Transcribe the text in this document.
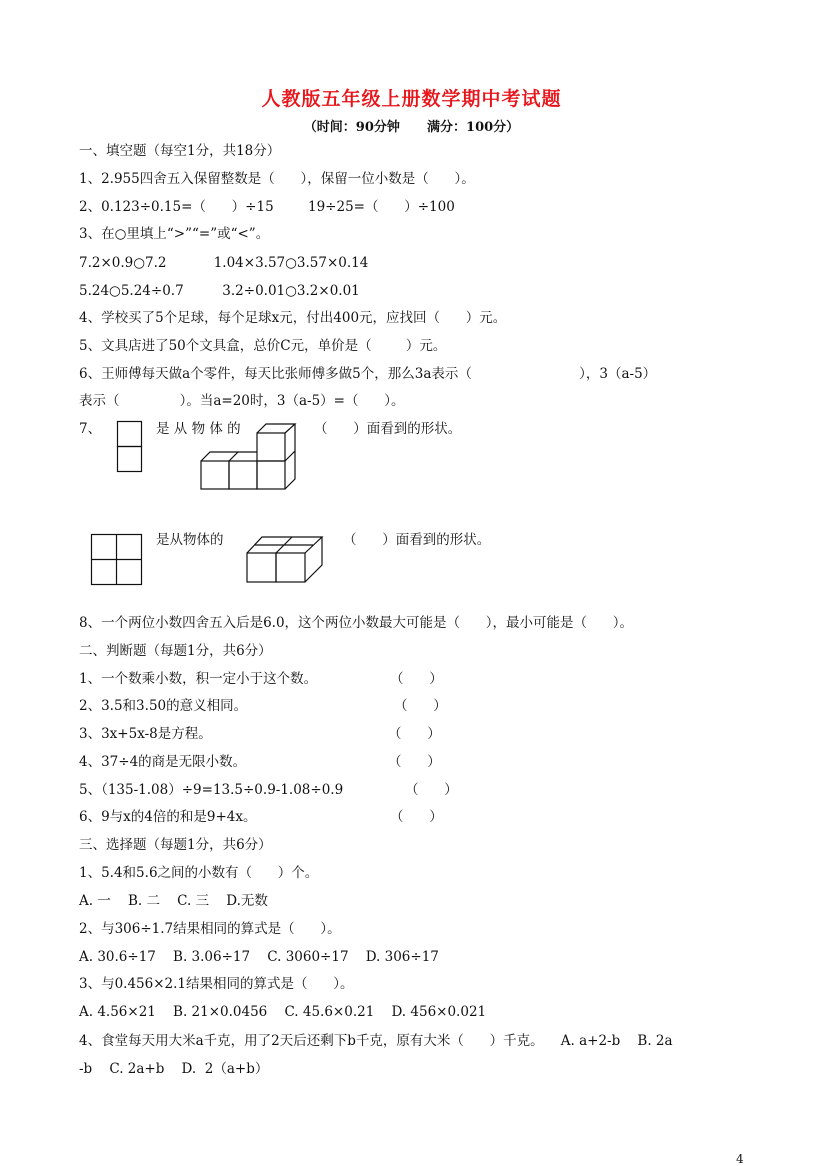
人教版五年级上册数学期中考试题
（时间：90分钟      满分：100分）
一、填空题（每空1分，共18分）
1、2.955四舍五入保留整数是（      ），保留一位小数是（      ）。
2、0.123÷0.15=（      ）÷15        19÷25=（      ）÷100
3、在○里填上“>”“=”或“<”。
7.2×0.9○7.2           1.04×3.57○3.57×0.14
5.24○5.24÷0.7         3.2÷0.01○3.2×0.01
4、学校买了5个足球，每个足球x元，付出400元，应找回（      ）元。
5、文具店进了50个文具盒，总价C元，单价是（        ）元。
6、王师傅每天做a个零件，每天比张师傅多做5个，那么3a表示（                         ），3（a-5）
表示（              ）。当a=20时，3（a-5）=（      ）。
7、	是 从 物 体 的	（      ）面看到的形状。
是从物体的	（      ）面看到的形状。
8、一个两位小数四舍五入后是6.0，这个两位小数最大可能是（      ），最小可能是（      ）。
二、判断题（每题1分，共6分）
1、一个数乘小数，积一定小于这个数。	（      ）
2、3.5和3.50的意义相同。	（      ）
3、3x+5x-8是方程。	（      ）
4、37÷4的商是无限小数。	（      ）
5、（135-1.08）÷9=13.5÷0.9-1.08÷0.9	（      ）
6、9与x的4倍的和是9+4x。	（      ）
三、选择题（每题1分，共6分）
1、5.4和5.6之间的小数有（      ）个。
A. 一    B. 二    C. 三    D.无数
2、与306÷1.7结果相同的算式是（      ）。
A. 30.6÷17    B. 3.06÷17    C. 3060÷17    D. 306÷17
3、与0.456×2.1结果相同的算式是（      ）。
A. 4.56×21    B. 21×0.0456    C. 45.6×0.21    D. 456×0.021
4、食堂每天用大米a千克，用了2天后还剩下b千克，原有大米（      ）千克。    A. a+2-b    B. 2a
-b    C. 2a+b    D.  2（a+b）
4
